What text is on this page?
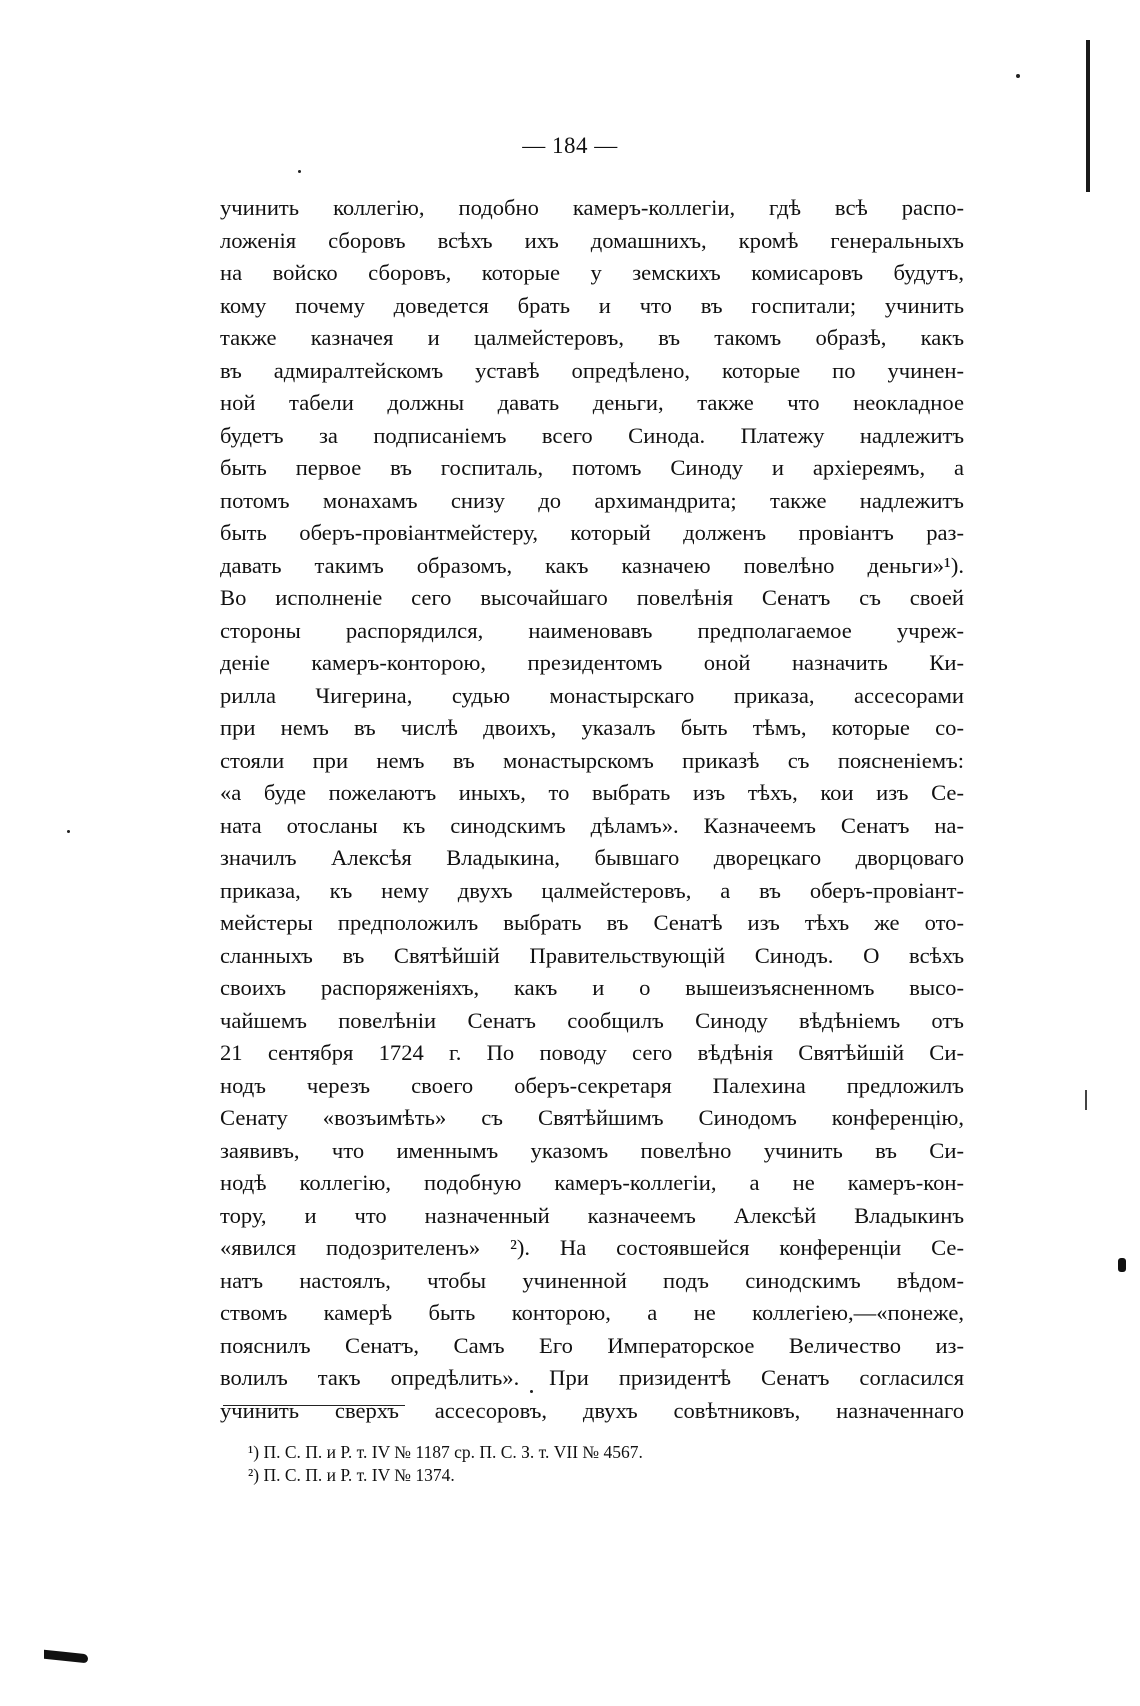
— 184 —
учинить коллегію, подобно камеръ-коллегіи, гдѣ всѣ распо-
ложенія сборовъ всѣхъ ихъ домашнихъ, кромѣ генеральныхъ
на войско сборовъ, которые у земскихъ комисаровъ будутъ,
кому почему доведется брать и что въ госпитали; учинить
также казначея и цалмейстеровъ, въ такомъ образѣ, какъ
въ адмиралтейскомъ уставѣ опредѣлено, которые по учинен-
ной табели должны давать деньги, также что неокладное
будетъ за подписаніемъ всего Синода. Платежу надлежитъ
быть первое въ госпиталь, потомъ Синоду и архіереямъ, а
потомъ монахамъ снизу до архимандрита; также надлежитъ
быть оберъ-провіантмейстеру, который долженъ провіантъ раз-
давать такимъ образомъ, какъ казначею повелѣно деньги»¹).
Во исполненіе сего высочайшаго повелѣнія Сенатъ съ своей
стороны распорядился, наименовавъ предполагаемое учреж-
деніе камеръ-конторою, президентомъ оной назначить Ки-
рилла Чигерина, судью монастырскаго приказа, ассесорами
при немъ въ числѣ двоихъ, указалъ быть тѣмъ, которые со-
стояли при немъ въ монастырскомъ приказѣ съ поясненіемъ:
«а буде пожелаютъ иныхъ, то выбрать изъ тѣхъ, кои изъ Се-
ната отосланы къ синодскимъ дѣламъ». Казначеемъ Сенатъ на-
значилъ Алексѣя Владыкина, бывшаго дворецкаго дворцоваго
приказа, къ нему двухъ цалмейстеровъ, а въ оберъ-провіант-
мейстеры предположилъ выбрать въ Сенатѣ изъ тѣхъ же ото-
сланныхъ въ Святѣйшій Правительствующій Синодъ. О всѣхъ
своихъ распоряженіяхъ, какъ и о вышеизъясненномъ высо-
чайшемъ повелѣніи Сенатъ сообщилъ Синоду вѣдѣніемъ отъ
21 сентября 1724 г. По поводу сего вѣдѣнія Святѣйшій Си-
нодъ черезъ своего оберъ-секретаря Палехина предложилъ
Сенату «возъимѣть» съ Святѣйшимъ Синодомъ конференцію,
заявивъ, что именнымъ указомъ повелѣно учинить въ Си-
нодѣ коллегію, подобную камеръ-коллегіи, а не камеръ-кон-
тору, и что назначенный казначеемъ Алексѣй Владыкинъ
«явился подозрителенъ» ²). На состоявшейся конференціи Се-
натъ настоялъ, чтобы учиненной подъ синодскимъ вѣдом-
ствомъ камерѣ быть конторою, а не коллегіею,—«понеже,
пояснилъ Сенатъ, Самъ Его Императорское Величество из-
волилъ такъ опредѣлить». При призидентѣ Сенатъ согласился
учинить сверхъ ассесоровъ, двухъ совѣтниковъ, назначеннаго
¹) П. С. П. и Р. т. IV № 1187 ср. П. С. З. т. VII № 4567.
²) П. С. П. и Р. т. IV № 1374.
